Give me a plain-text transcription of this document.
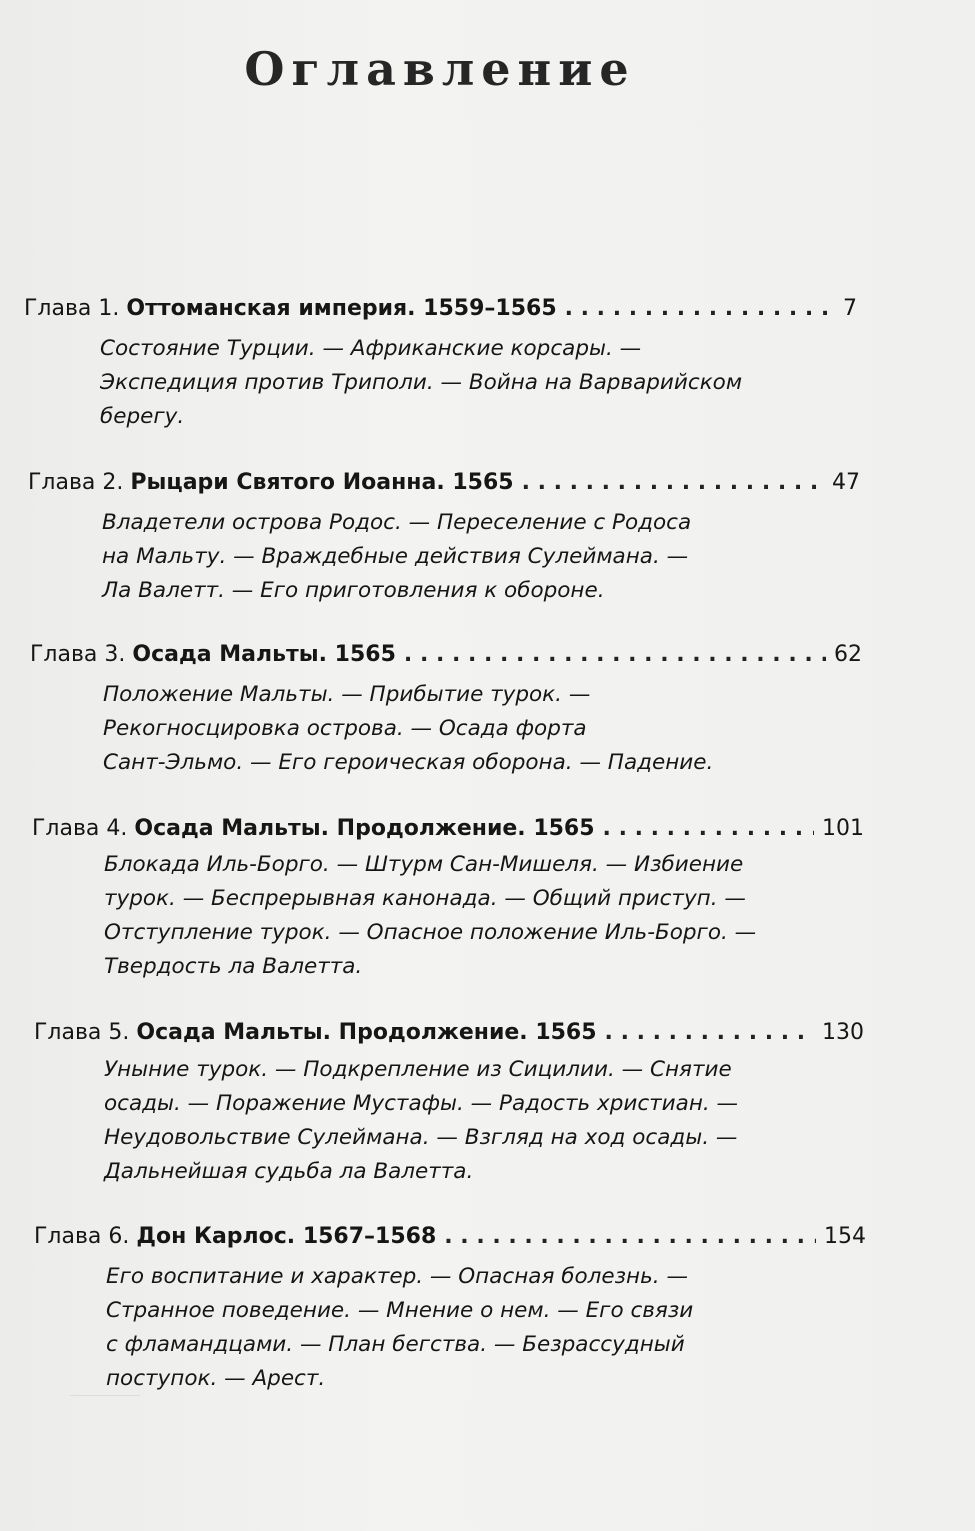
Оглавление
Глава 1. Оттоманская империя. 1559–1565 . . .	7
Состояние Турции. — Африканские корсары. —
Экспедиция против Триполи. — Война на Варварийском
берегу.
Глава 2. Рыцари Святого Иоанна. 1565 . . .	47
Владетели острова Родос. — Переселение с Родоса
на Мальту. — Враждебные действия Сулеймана. —
Ла Валетт. — Его приготовления к обороне.
Глава 3. Осада Мальты. 1565 . . .	62
Положение Мальты. — Прибытие турок. —
Рекогносцировка острова. — Осада форта
Сант-Эльмо. — Его героическая оборона. — Падение.
Глава 4. Осада Мальты. Продолжение. 1565 . . .	101
Блокада Иль-Борго. — Штурм Сан-Мишеля. — Избиение
турок. — Беспрерывная канонада. — Общий приступ. —
Отступление турок. — Опасное положение Иль-Борго. —
Твердость ла Валетта.
Глава 5. Осада Мальты. Продолжение. 1565 . . .	130
Уныние турок. — Подкрепление из Сицилии. — Снятие
осады. — Поражение Мустафы. — Радость христиан. —
Неудовольствие Сулеймана. — Взгляд на ход осады. —
Дальнейшая судьба ла Валетта.
Глава 6. Дон Карлос. 1567–1568 . . .	154
Его воспитание и характер. — Опасная болезнь. —
Странное поведение. — Мнение о нем. — Его связи
с фламандцами. — План бегства. — Безрассудный
поступок. — Арест.
